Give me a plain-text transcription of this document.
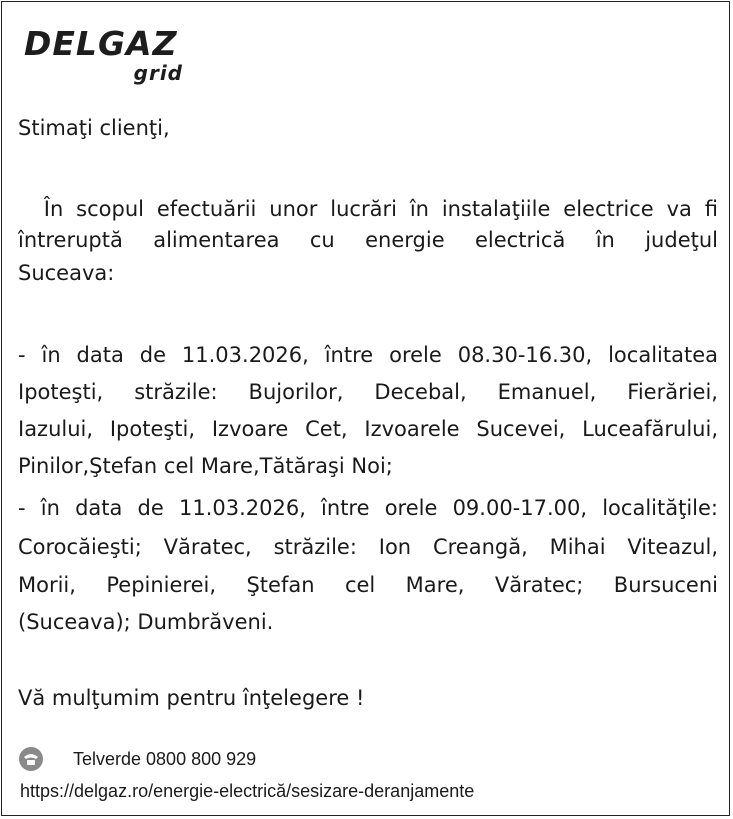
DELGAZ
grid

Stimaţi clienţi,

În scopul efectuării unor lucrări în instalaţiile electrice va fi

întreruptă alimentarea cu energie electrică în judeţul

Suceava:

- în data de 11.03.2026, între orele 08.30-16.30, localitatea

Ipoteşti, străzile: Bujorilor, Decebal, Emanuel, Fierăriei,

Iazului, Ipoteşti, Izvoare Cet, Izvoarele Sucevei, Luceafărului,

Pinilor,Ştefan cel Mare,Tătăraşi Noi;

- în data de 11.03.2026, între orele 09.00-17.00, localităţile:

Corocăieşti; Văratec, străzile: Ion Creangă, Mihai Viteazul,

Morii, Pepinierei, Ştefan cel Mare, Văratec; Bursuceni

(Suceava); Dumbrăveni.

Vă mulţumim pentru înţelegere !

Telverde 0800 800 929
https://delgaz.ro/energie-electrică/sesizare-deranjamente
